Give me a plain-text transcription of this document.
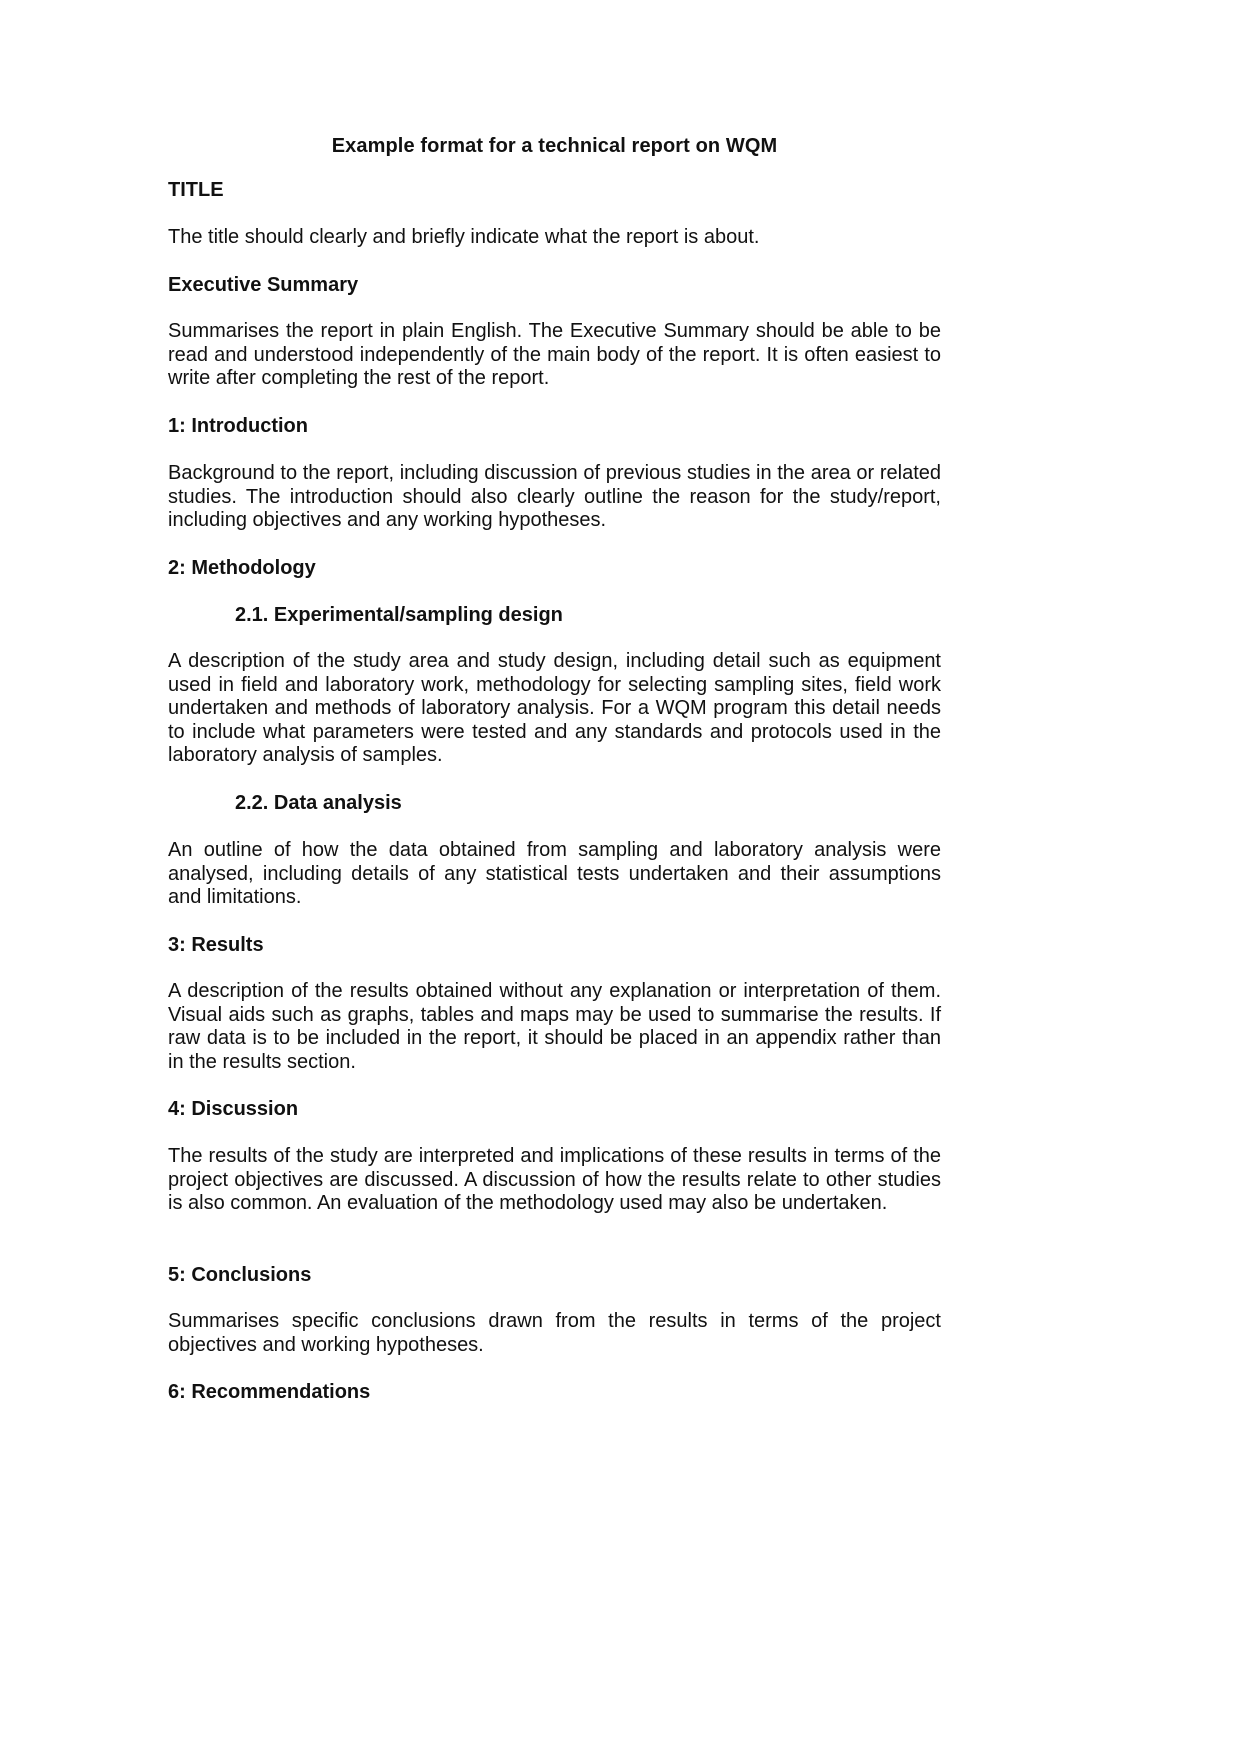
Example format for a technical report on WQM
TITLE

The title should clearly and briefly indicate what the report is about.

Executive Summary

Summarises the report in plain English. The Executive Summary should be able to be read and understood independently of the main body of the report. It is often easiest to write after completing the rest of the report.

1: Introduction

Background to the report, including discussion of previous studies in the area or related studies. The introduction should also clearly outline the reason for the study/report, including objectives and any working hypotheses.

2: Methodology
2.1. Experimental/sampling design

A description of the study area and study design, including detail such as equipment used in field and laboratory work, methodology for selecting sampling sites, field work undertaken and methods of laboratory analysis. For a WQM program this detail needs to include what parameters were tested and any standards and protocols used in the laboratory analysis of samples.

2.2. Data analysis

An outline of how the data obtained from sampling and laboratory analysis were analysed, including details of any statistical tests undertaken and their assumptions and limitations.

3: Results

A description of the results obtained without any explanation or interpretation of them. Visual aids such as graphs, tables and maps may be used to summarise the results. If raw data is to be included in the report, it should be placed in an appendix rather than in the results section.

4: Discussion

The results of the study are interpreted and implications of these results in terms of the project objectives are discussed. A discussion of how the results relate to other studies is also common. An evaluation of the methodology used may also be undertaken.

5: Conclusions

Summarises specific conclusions drawn from the results in terms of the project objectives and working hypotheses.

6: Recommendations
